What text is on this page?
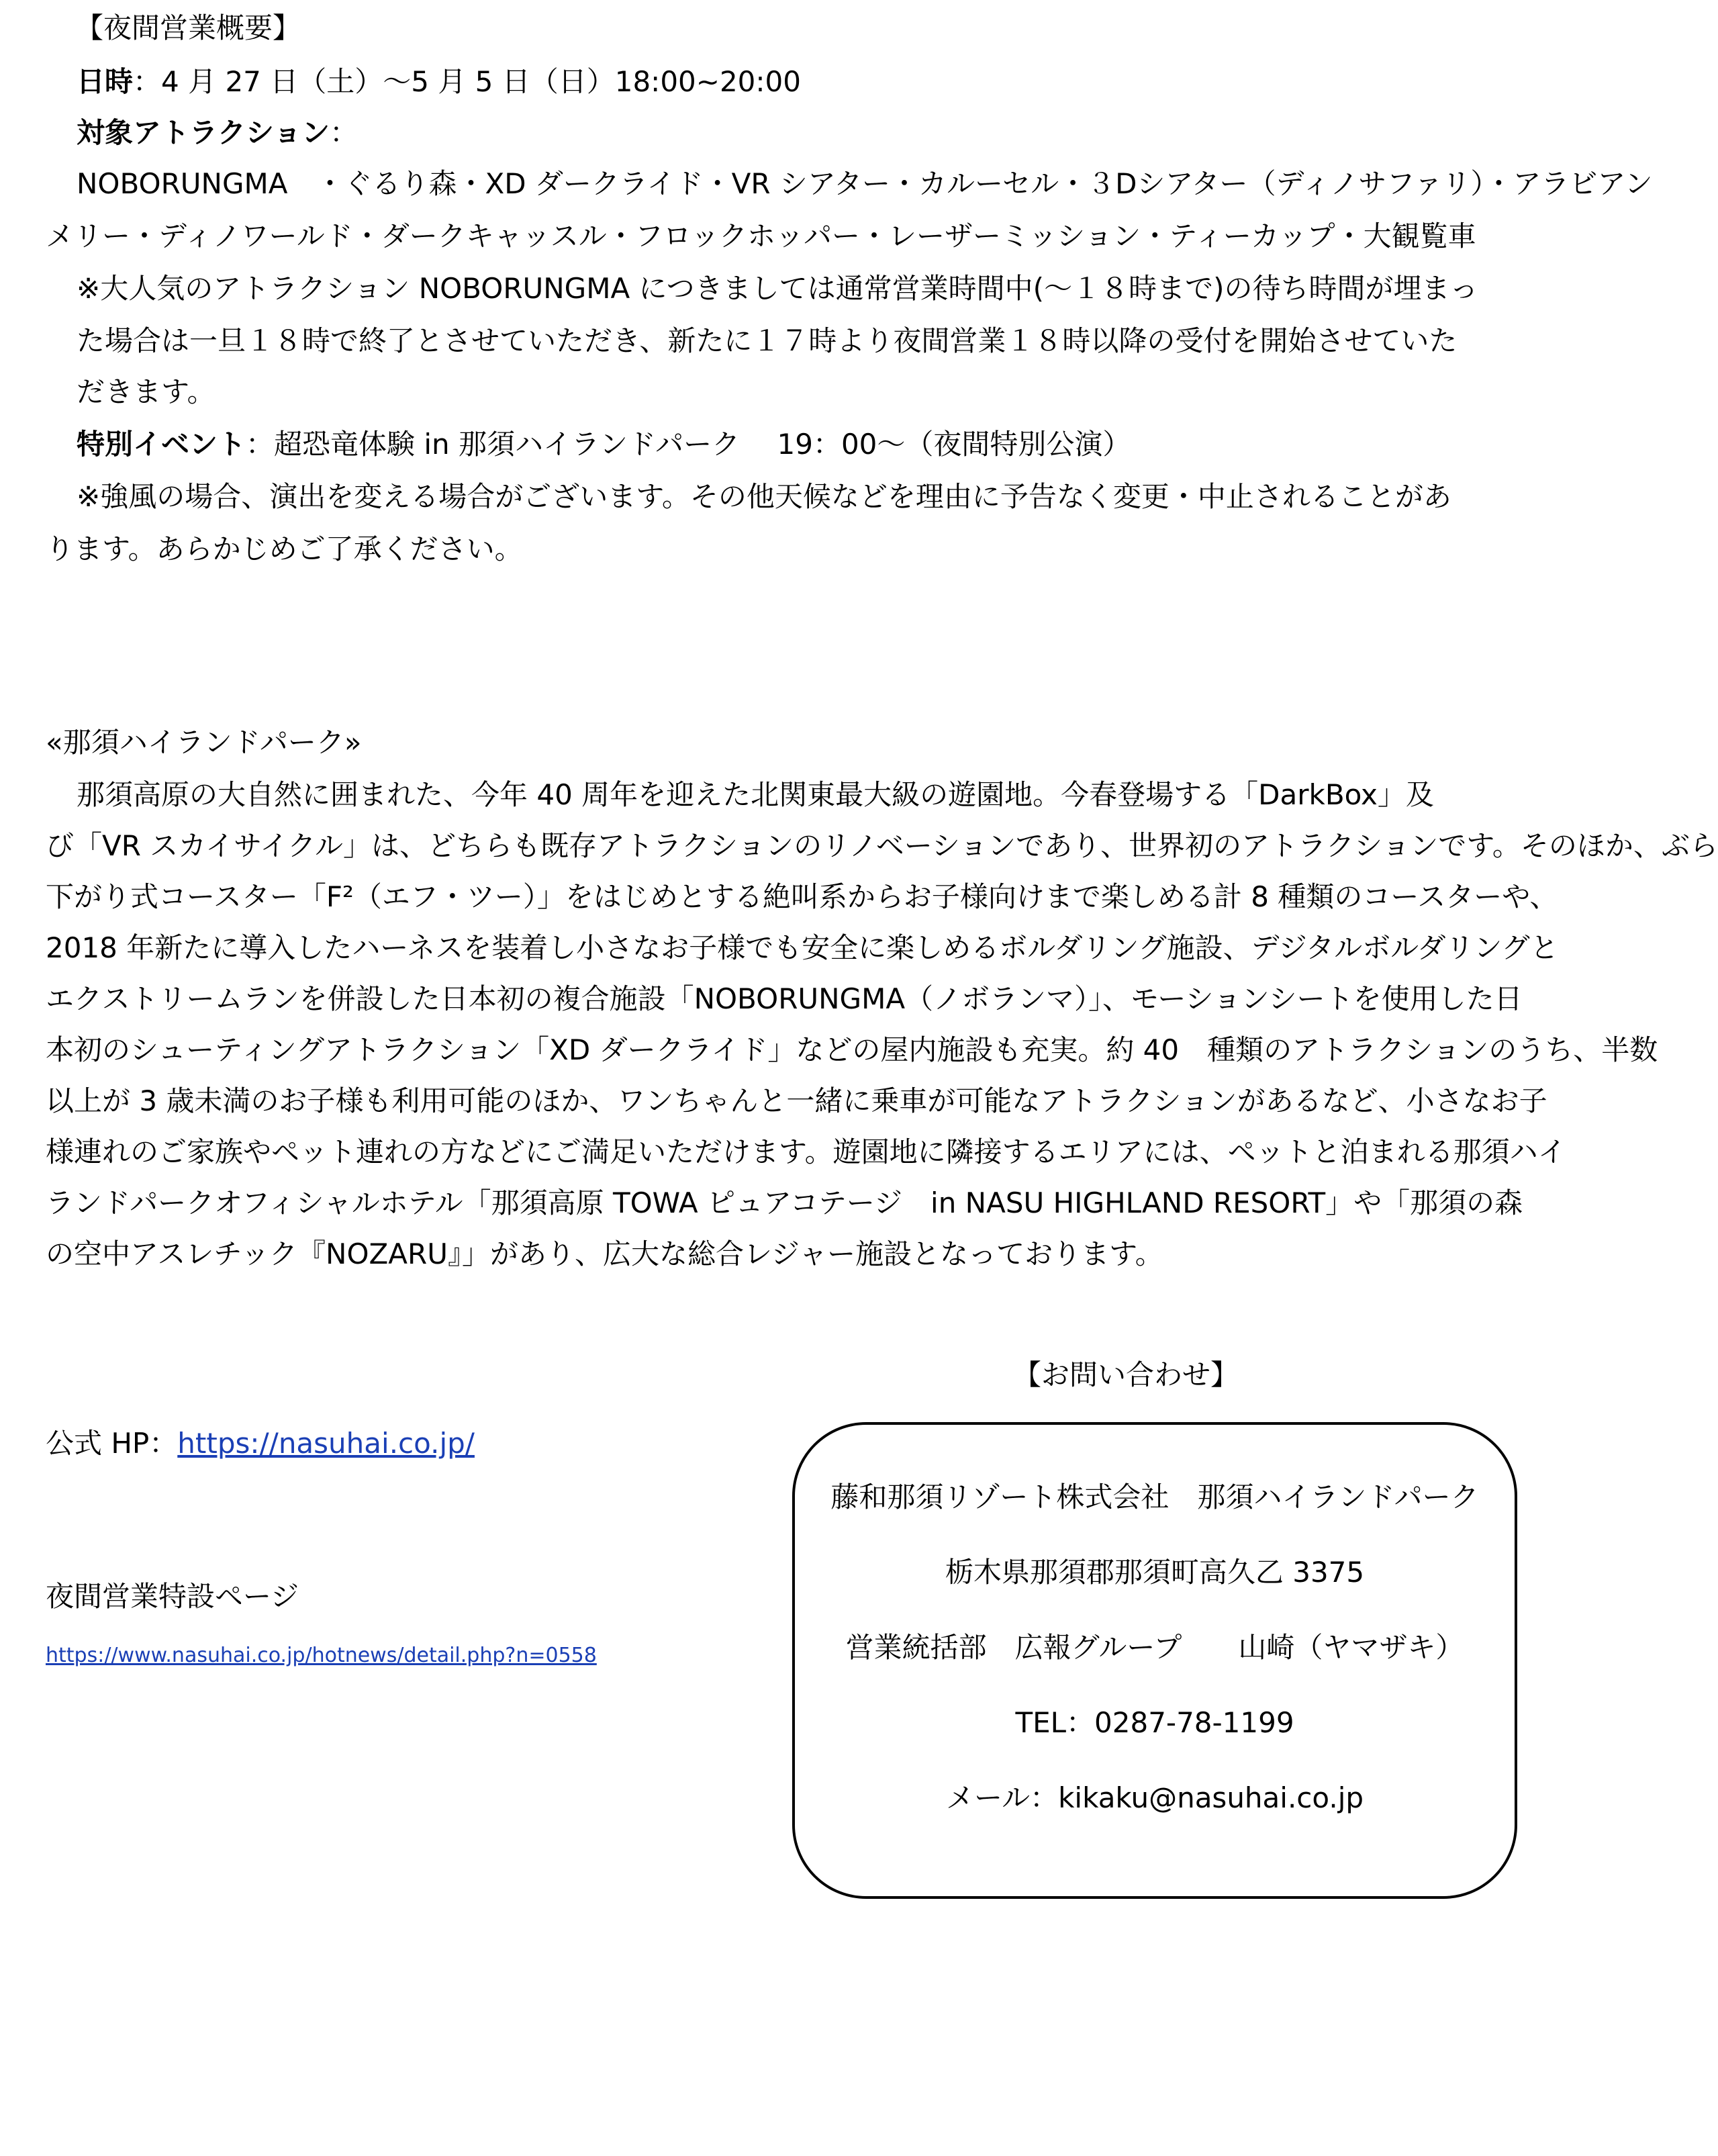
【夜間営業概要】
日時：4 月 27 日（土）～5 月 5 日（日）18:00~20:00
対象アトラクション：
NOBORUNGMA　・ぐるり森・XD ダークライド・VR シアター・カルーセル・３Dシアター（ディノサファリ）・アラビアン
メリー・ディノワールド・ダークキャッスル・フロックホッパー・レーザーミッション・ティーカップ・大観覧車
※大人気のアトラクション NOBORUNGMA につきましては通常営業時間中(～１８時まで)の待ち時間が埋まっ
た場合は一旦１８時で終了とさせていただき、新たに１７時より夜間営業１８時以降の受付を開始させていた
だきます。
特別イベント：超恐竜体験 in 那須ハイランドパーク　 19：00～（夜間特別公演）
※強風の場合、演出を変える場合がございます。その他天候などを理由に予告なく変更・中止されることがあ
ります。あらかじめご了承ください。
«那須ハイランドパーク»
那須高原の大自然に囲まれた、今年 40 周年を迎えた北関東最大級の遊園地。今春登場する「DarkBox」及
び「VR スカイサイクル」は、どちらも既存アトラクションのリノベーションであり、世界初のアトラクションです。そのほか、ぶら
下がり式コースター「F²（エフ・ツー）」をはじめとする絶叫系からお子様向けまで楽しめる計 8 種類のコースターや、
2018 年新たに導入したハーネスを装着し小さなお子様でも安全に楽しめるボルダリング施設、デジタルボルダリングと
エクストリームランを併設した日本初の複合施設「NOBORUNGMA（ノボランマ）」、モーションシートを使用した日
本初のシューティングアトラクション「XD ダークライド」などの屋内施設も充実。約 40　種類のアトラクションのうち、半数
以上が 3 歳未満のお子様も利用可能のほか、ワンちゃんと一緒に乗車が可能なアトラクションがあるなど、小さなお子
様連れのご家族やペット連れの方などにご満足いただけます。遊園地に隣接するエリアには、ペットと泊まれる那須ハイ
ランドパークオフィシャルホテル「那須高原 TOWA ピュアコテージ　in NASU HIGHLAND RESORT」や「那須の森
の空中アスレチック『NOZARU』」があり、広大な総合レジャー施設となっております。
公式 HP：https://nasuhai.co.jp/
夜間営業特設ページ
https://www.nasuhai.co.jp/hotnews/detail.php?n=0558
【お問い合わせ】
藤和那須リゾート株式会社　那須ハイランドパーク
栃木県那須郡那須町高久乙 3375
営業統括部　広報グループ　　山崎（ヤマザキ）
TEL：0287-78-1199
メール：kikaku@nasuhai.co.jp
